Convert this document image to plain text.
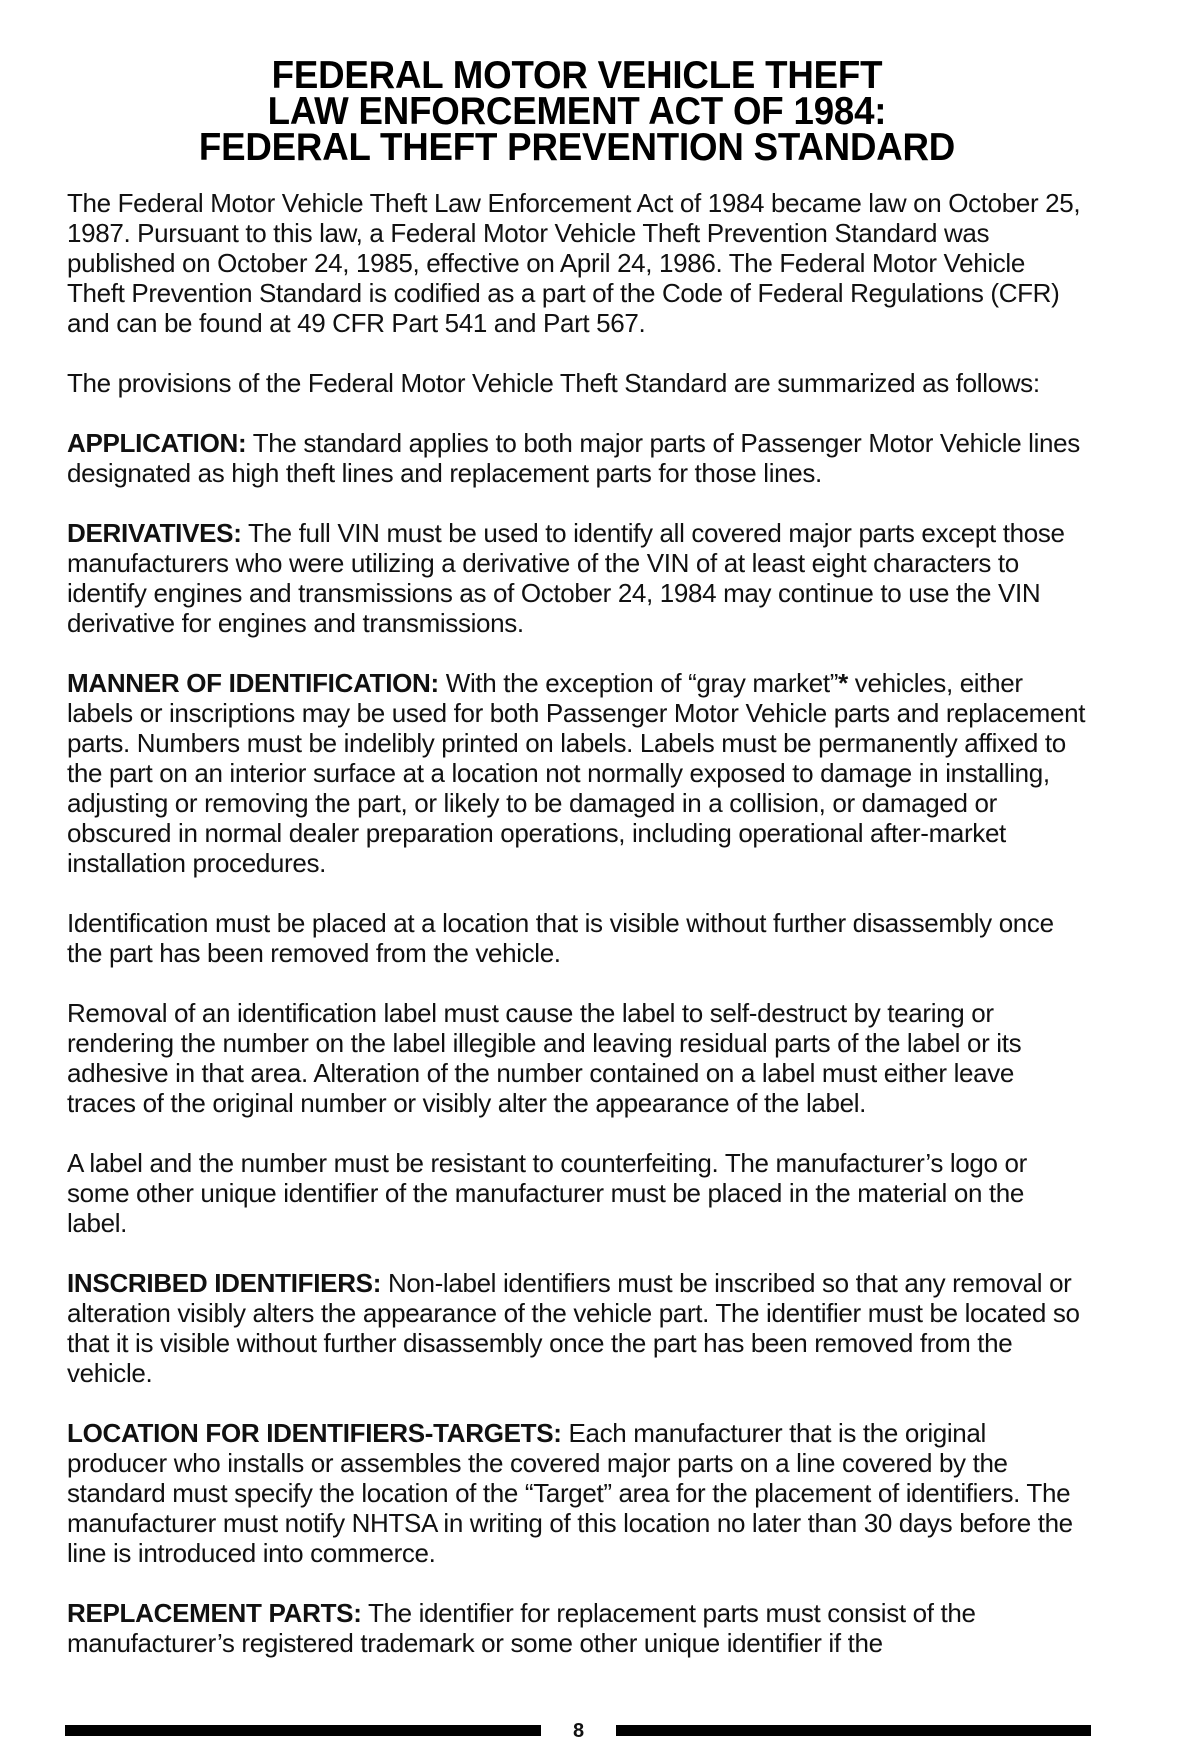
FEDERAL MOTOR VEHICLE THEFT
LAW ENFORCEMENT ACT OF 1984:
FEDERAL THEFT PREVENTION STANDARD

The Federal Motor Vehicle Theft Law Enforcement Act of 1984 became law on October 25, 1987. Pursuant to this law, a Federal Motor Vehicle Theft Prevention Standard was published on October 24, 1985, effective on April 24, 1986. The Federal Motor Vehicle Theft Prevention Standard is codified as a part of the Code of Federal Regulations (CFR) and can be found at 49 CFR Part 541 and Part 567.

The provisions of the Federal Motor Vehicle Theft Standard are summarized as follows:

APPLICATION: The standard applies to both major parts of Passenger Motor Vehicle lines designated as high theft lines and replacement parts for those lines.

DERIVATIVES: The full VIN must be used to identify all covered major parts except those manufacturers who were utilizing a derivative of the VIN of at least eight characters to identify engines and transmissions as of October 24, 1984 may continue to use the VIN derivative for engines and transmissions.

MANNER OF IDENTIFICATION: With the exception of “gray market”* vehicles, either labels or inscriptions may be used for both Passenger Motor Vehicle parts and replacement parts. Numbers must be indelibly printed on labels. Labels must be permanently affixed to the part on an interior surface at a location not normally exposed to damage in installing, adjusting or removing the part, or likely to be damaged in a collision, or damaged or obscured in normal dealer preparation operations, including operational after-market installation procedures.

Identification must be placed at a location that is visible without further disassembly once the part has been removed from the vehicle.

Removal of an identification label must cause the label to self-destruct by tearing or rendering the number on the label illegible and leaving residual parts of the label or its adhesive in that area. Alteration of the number contained on a label must either leave traces of the original number or visibly alter the appearance of the label.

A label and the number must be resistant to counterfeiting. The manufacturer’s logo or some other unique identifier of the manufacturer must be placed in the material on the label.

INSCRIBED IDENTIFIERS: Non-label identifiers must be inscribed so that any removal or alteration visibly alters the appearance of the vehicle part. The identifier must be located so that it is visible without further disassembly once the part has been removed from the vehicle.

LOCATION FOR IDENTIFIERS-TARGETS: Each manufacturer that is the original producer who installs or assembles the covered major parts on a line covered by the standard must specify the location of the “Target” area for the placement of identifiers. The manufacturer must notify NHTSA in writing of this location no later than 30 days before the line is introduced into commerce.

REPLACEMENT PARTS: The identifier for replacement parts must consist of the manufacturer’s registered trademark or some other unique identifier if the

8
